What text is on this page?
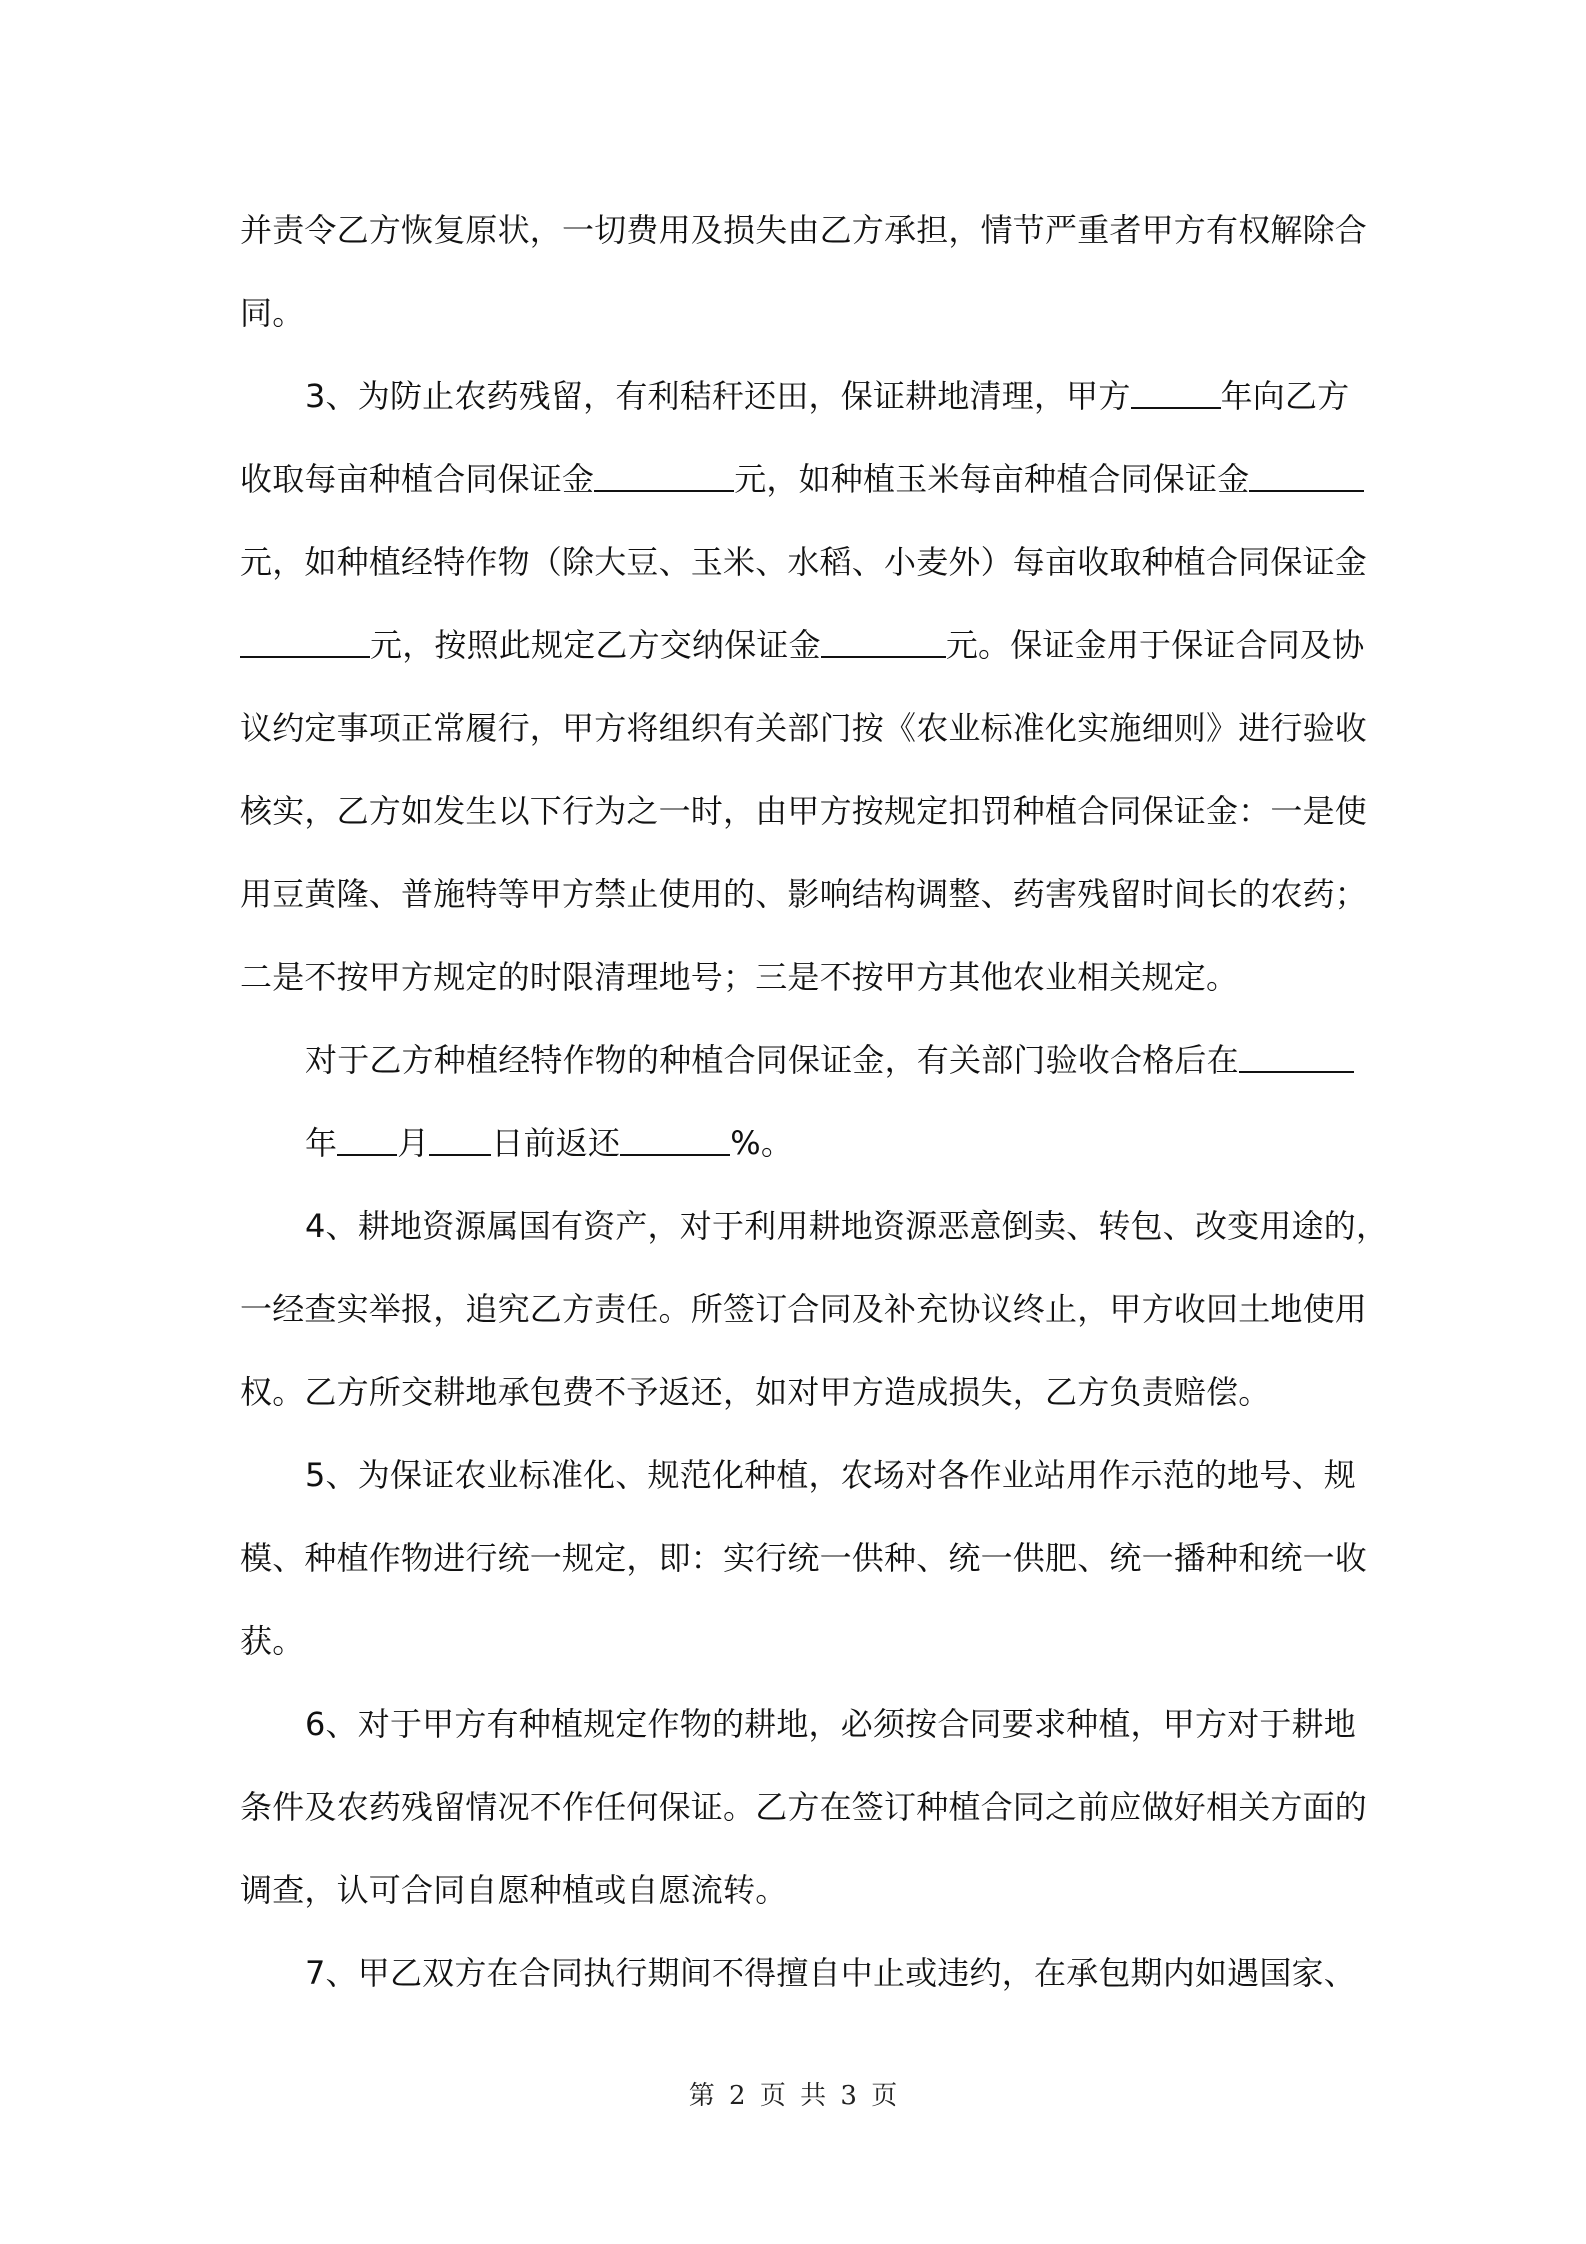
并责令乙方恢复原状，一切费用及损失由乙方承担，情节严重者甲方有权解除合
同。
3、为防止农药残留，有利秸秆还田，保证耕地清理，甲方	年向乙方
收取每亩种植合同保证金	元，如种植玉米每亩种植合同保证金
元，如种植经特作物（除大豆、玉米、水稻、小麦外）每亩收取种植合同保证金
元，按照此规定乙方交纳保证金	元。保证金用于保证合同及协
议约定事项正常履行，甲方将组织有关部门按《农业标准化实施细则》进行验收
核实，乙方如发生以下行为之一时，由甲方按规定扣罚种植合同保证金：一是使
用豆黄隆、普施特等甲方禁止使用的、影响结构调整、药害残留时间长的农药；
二是不按甲方规定的时限清理地号；三是不按甲方其他农业相关规定。
对于乙方种植经特作物的种植合同保证金，有关部门验收合格后在
年 月 日前返还	%。
4、耕地资源属国有资产，对于利用耕地资源恶意倒卖、转包、改变用途的，
一经查实举报，追究乙方责任。所签订合同及补充协议终止，甲方收回土地使用
权。乙方所交耕地承包费不予返还，如对甲方造成损失，乙方负责赔偿。
5、为保证农业标准化、规范化种植，农场对各作业站用作示范的地号、规
模、种植作物进行统一规定，即：实行统一供种、统一供肥、统一播种和统一收
获。
6、对于甲方有种植规定作物的耕地，必须按合同要求种植，甲方对于耕地
条件及农药残留情况不作任何保证。乙方在签订种植合同之前应做好相关方面的
调查，认可合同自愿种植或自愿流转。
7、甲乙双方在合同执行期间不得擅自中止或违约，在承包期内如遇国家、
第 2 页 共 3 页
